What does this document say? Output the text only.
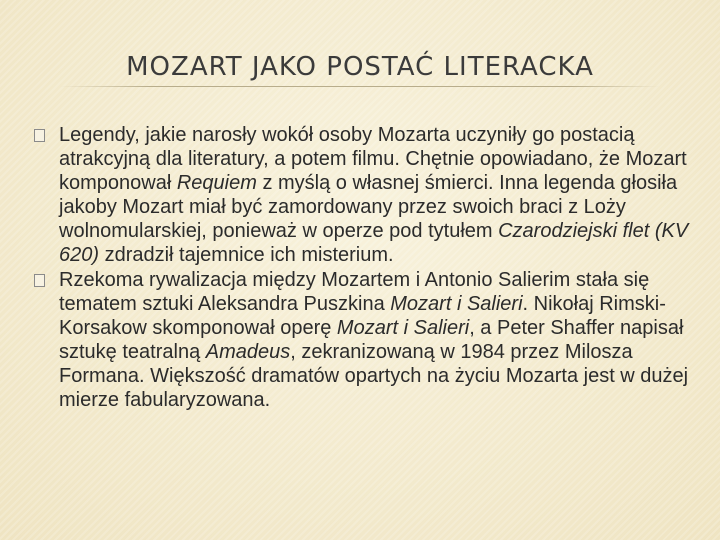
MOZART JAKO POSTAĆ LITERACKA
Legendy, jakie narosły wokół osoby Mozarta uczyniły go postacią atrakcyjną dla literatury, a potem filmu. Chętnie opowiadano, że Mozart komponował Requiem z myślą o własnej śmierci. Inna legenda głosiła jakoby Mozart miał być zamordowany przez swoich braci z Loży wolnomularskiej, ponieważ w operze pod tytułem Czarodziejski flet (KV 620) zdradził tajemnice ich misterium.
Rzekoma rywalizacja między Mozartem i Antonio Salierim stała się tematem sztuki Aleksandra Puszkina Mozart i Salieri. Nikołaj Rimski-Korsakow skomponował operę Mozart i Salieri, a Peter Shaffer napisał sztukę teatralną Amadeus, zekranizowaną w 1984 przez Milosza Formana. Większość dramatów opartych na życiu Mozarta jest w dużej mierze fabularyzowana.
